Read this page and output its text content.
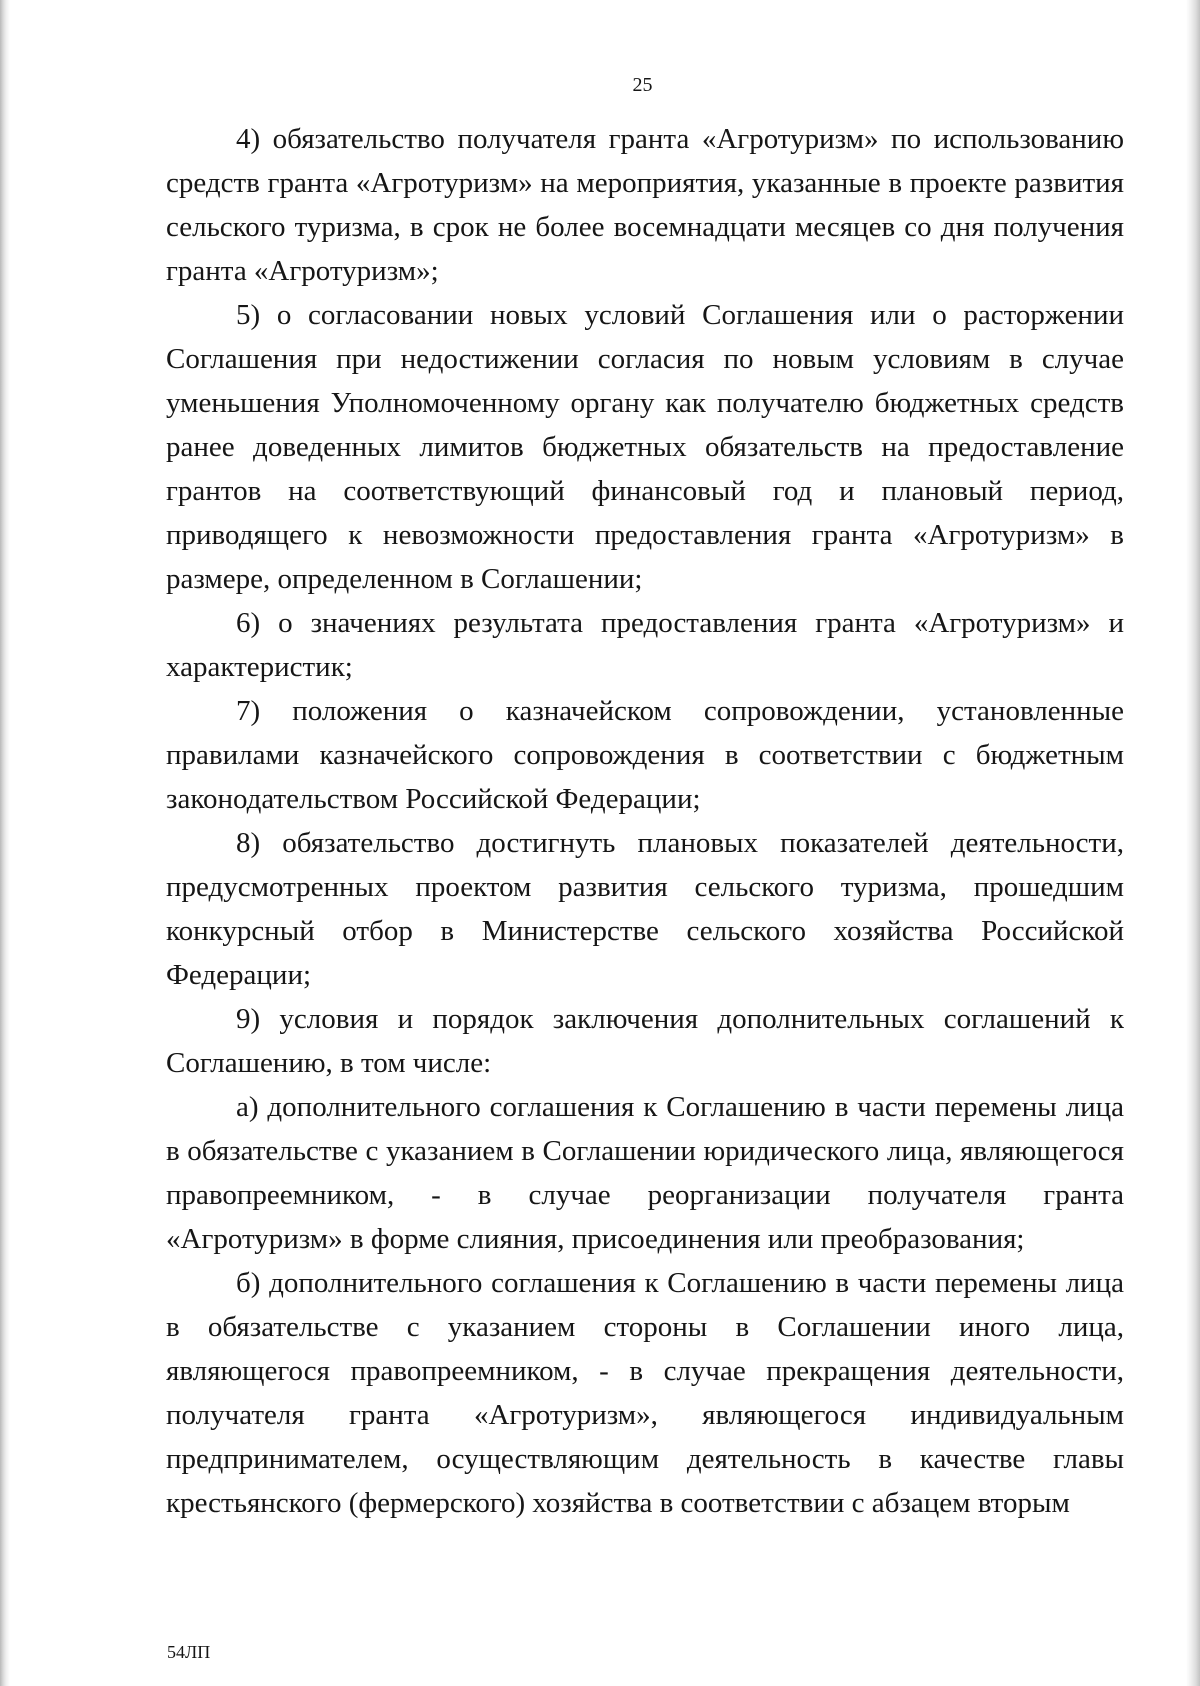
25

4) обязательство получателя гранта «Агротуризм» по использованию средств гранта «Агротуризм» на мероприятия, указанные в проекте развития сельского туризма, в срок не более восемнадцати месяцев со дня получения гранта «Агротуризм»;

5) о согласовании новых условий Соглашения или о расторжении Соглашения при недостижении согласия по новым условиям в случае уменьшения Уполномоченному органу как получателю бюджетных средств ранее доведенных лимитов бюджетных обязательств на предоставление грантов на соответствующий финансовый год и плановый период, приводящего к невозможности предоставления гранта «Агротуризм» в размере, определенном в Соглашении;

6) о значениях результата предоставления гранта «Агротуризм» и характеристик;

7) положения о казначейском сопровождении, установленные правилами казначейского сопровождения в соответствии с бюджетным законодательством Российской Федерации;

8) обязательство достигнуть плановых показателей деятельности, предусмотренных проектом развития сельского туризма, прошедшим конкурсный отбор в Министерстве сельского хозяйства Российской Федерации;

9) условия и порядок заключения дополнительных соглашений к Соглашению, в том числе:

а) дополнительного соглашения к Соглашению в части перемены лица в обязательстве с указанием в Соглашении юридического лица, являющегося правопреемником, - в случае реорганизации получателя гранта «Агротуризм» в форме слияния, присоединения или преобразования;

б) дополнительного соглашения к Соглашению в части перемены лица в обязательстве с указанием стороны в Соглашении иного лица, являющегося правопреемником, - в случае прекращения деятельности, получателя гранта «Агротуризм», являющегося индивидуальным предпринимателем, осуществляющим деятельность в качестве главы крестьянского (фермерского) хозяйства в соответствии с абзацем вторым

54ЛП
